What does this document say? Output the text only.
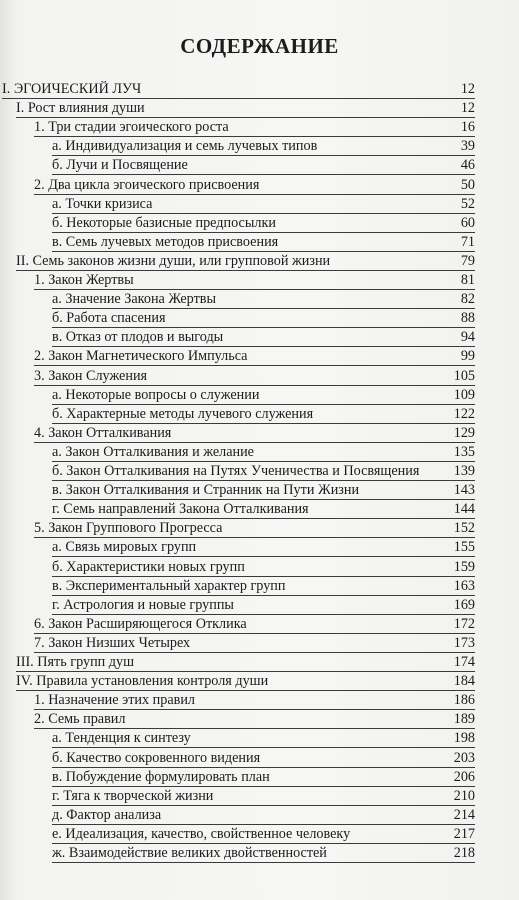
СОДЕРЖАНИЕ
I. ЭГОИЧЕСКИЙ ЛУЧ	12
I. Рост влияния души	12
1. Три стадии эгоического роста	16
а. Индивидуализация и семь лучевых типов	39
б. Лучи и Посвящение	46
2. Два цикла эгоического присвоения	50
а. Точки кризиса	52
б. Некоторые базисные предпосылки	60
в. Семь лучевых методов присвоения	71
II. Семь законов жизни души, или групповой жизни	79
1. Закон Жертвы	81
а. Значение Закона Жертвы	82
б. Работа спасения	88
в. Отказ от плодов и выгоды	94
2. Закон Магнетического Импульса	99
3. Закон Служения	105
а. Некоторые вопросы о служении	109
б. Характерные методы лучевого служения	122
4. Закон Отталкивания	129
а. Закон Отталкивания и желание	135
б. Закон Отталкивания на Путях Ученичества и Посвящения	139
в. Закон Отталкивания и Странник на Пути Жизни	143
г. Семь направлений Закона Отталкивания	144
5. Закон Группового Прогресса	152
а. Связь мировых групп	155
б. Характеристики новых групп	159
в. Экспериментальный характер групп	163
г. Астрология и новые группы	169
6. Закон Расширяющегося Отклика	172
7. Закон Низших Четырех	173
III. Пять групп душ	174
IV. Правила установления контроля души	184
1. Назначение этих правил	186
2. Семь правил	189
а. Тенденция к синтезу	198
б. Качество сокровенного видения	203
в. Побуждение формулировать план	206
г. Тяга к творческой жизни	210
д. Фактор анализа	214
е. Идеализация, качество, свойственное человеку	217
ж. Взаимодействие великих двойственностей	218
